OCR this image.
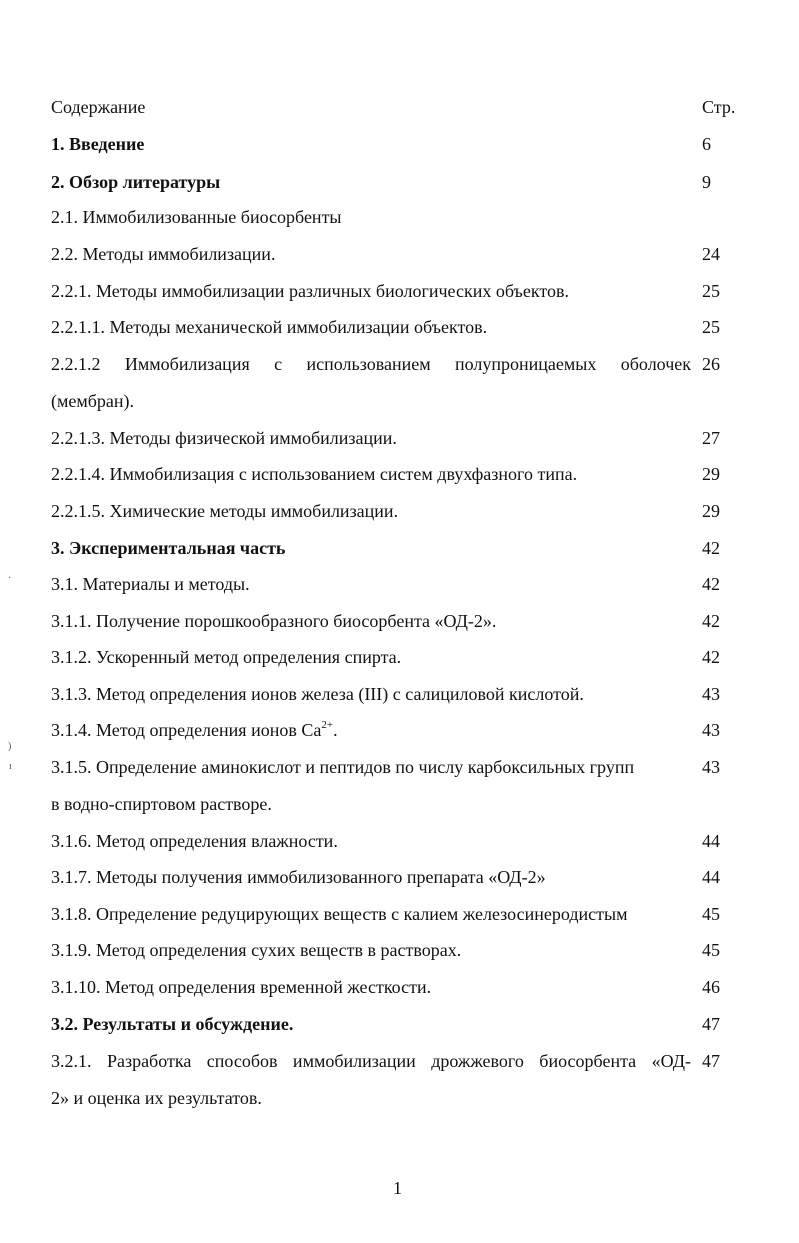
Содержание	Стр.
1. Введение	6
2. Обзор литературы	9
2.1. Иммобилизованные биосорбенты
2.2. Методы иммобилизации.	24
2.2.1. Методы иммобилизации различных биологических объектов.	25
2.2.1.1. Методы механической иммобилизации объектов.	25
2.2.1.2 Иммобилизация с использованием полупроницаемых оболочек 26
(мембран).
2.2.1.3. Методы физической иммобилизации.	27
2.2.1.4. Иммобилизация с использованием систем двухфазного типа.	29
2.2.1.5. Химические методы иммобилизации.	29
3. Экспериментальная часть	42
3.1. Материалы и методы.	42
3.1.1. Получение порошкообразного биосорбента «ОД-2».	42
3.1.2. Ускоренный метод определения спирта.	42
3.1.3. Метод определения ионов железа (III) с салициловой кислотой.	43
3.1.4. Метод определения ионов $Ca^{2+}$.	43
3.1.5. Определение аминокислот и пептидов по числу карбоксильных групп	43
в водно-спиртовом растворе.
3.1.6. Метод определения влажности.	44
3.1.7. Методы получения иммобилизованного препарата «ОД-2»	44
3.1.8. Определение редуцирующих веществ с калием железосинеродистым	45
3.1.9. Метод определения сухих веществ в растворах.	45
3.1.10. Метод определения временной жесткости.	46
3.2. Результаты и обсуждение.	47
3.2.1. Разработка способов иммобилизации дрожжевого биосорбента «ОД- 47
2» и оценка их результатов.
·
)
ı
1
